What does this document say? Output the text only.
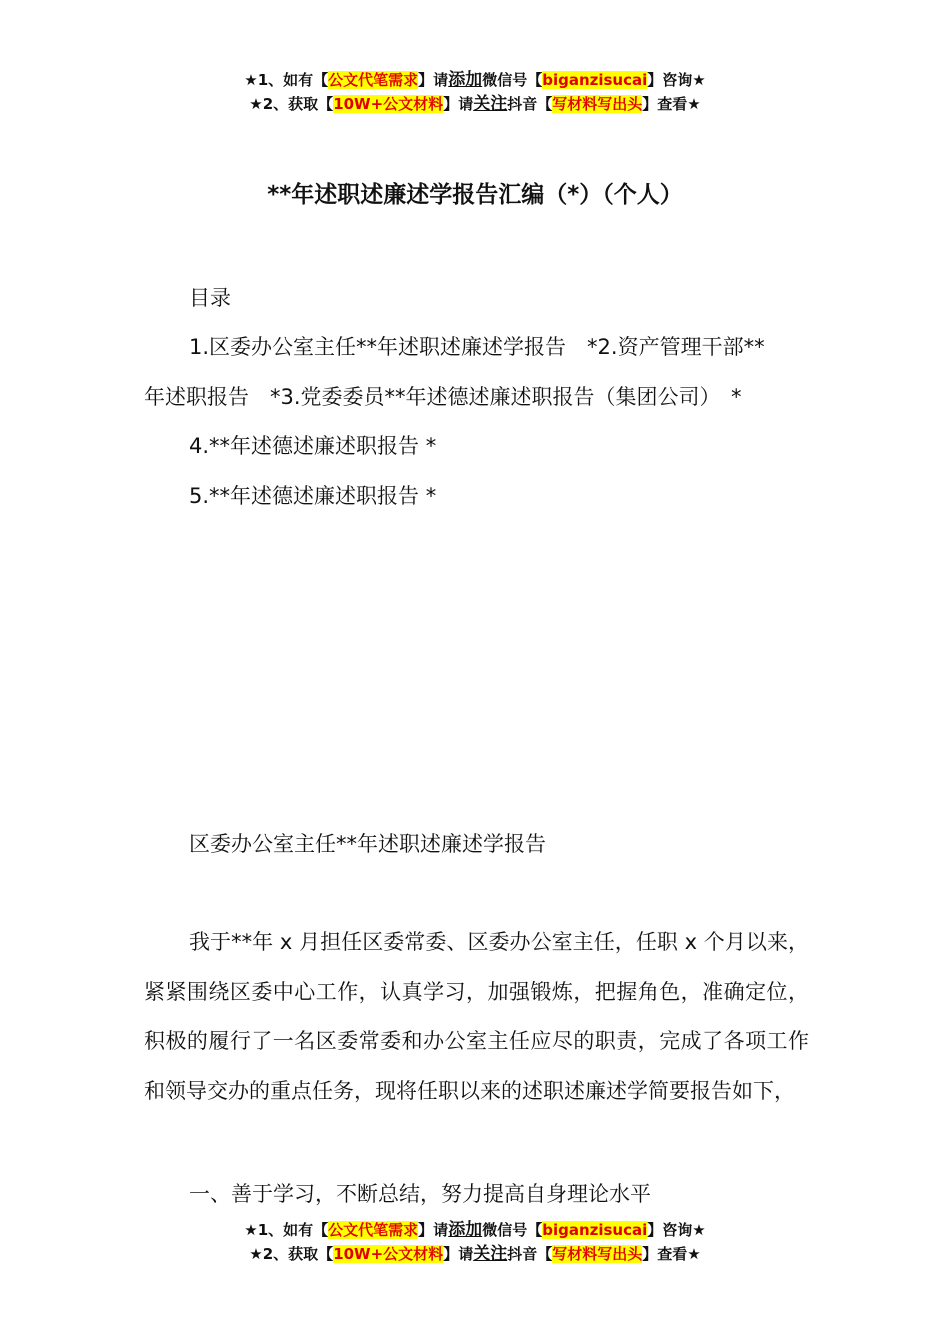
★1、如有【公文代笔需求】请添加微信号【biganzisucai】咨询★
★2、获取【10W+公文材料】请关注抖音【写材料写出头】查看★
**年述职述廉述学报告汇编（*）（个人）
目录
1.区委办公室主任**年述职述廉述学报告　*2.资产管理干部**
年述职报告　*3.党委委员**年述德述廉述职报告（集团公司）　*
4.**年述德述廉述职报告 *
5.**年述德述廉述职报告 *
区委办公室主任**年述职述廉述学报告

我于**年 x 月担任区委常委、区委办公室主任，任职 x 个月以来，紧紧围绕区委中心工作，认真学习，加强锻炼，把握角色，准确定位，积极的履行了一名区委常委和办公室主任应尽的职责，完成了各项工作和领导交办的重点任务，现将任职以来的述职述廉述学简要报告如下，

一、善于学习，不断总结，努力提高自身理论水平
★1、如有【公文代笔需求】请添加微信号【biganzisucai】咨询★
★2、获取【10W+公文材料】请关注抖音【写材料写出头】查看★
